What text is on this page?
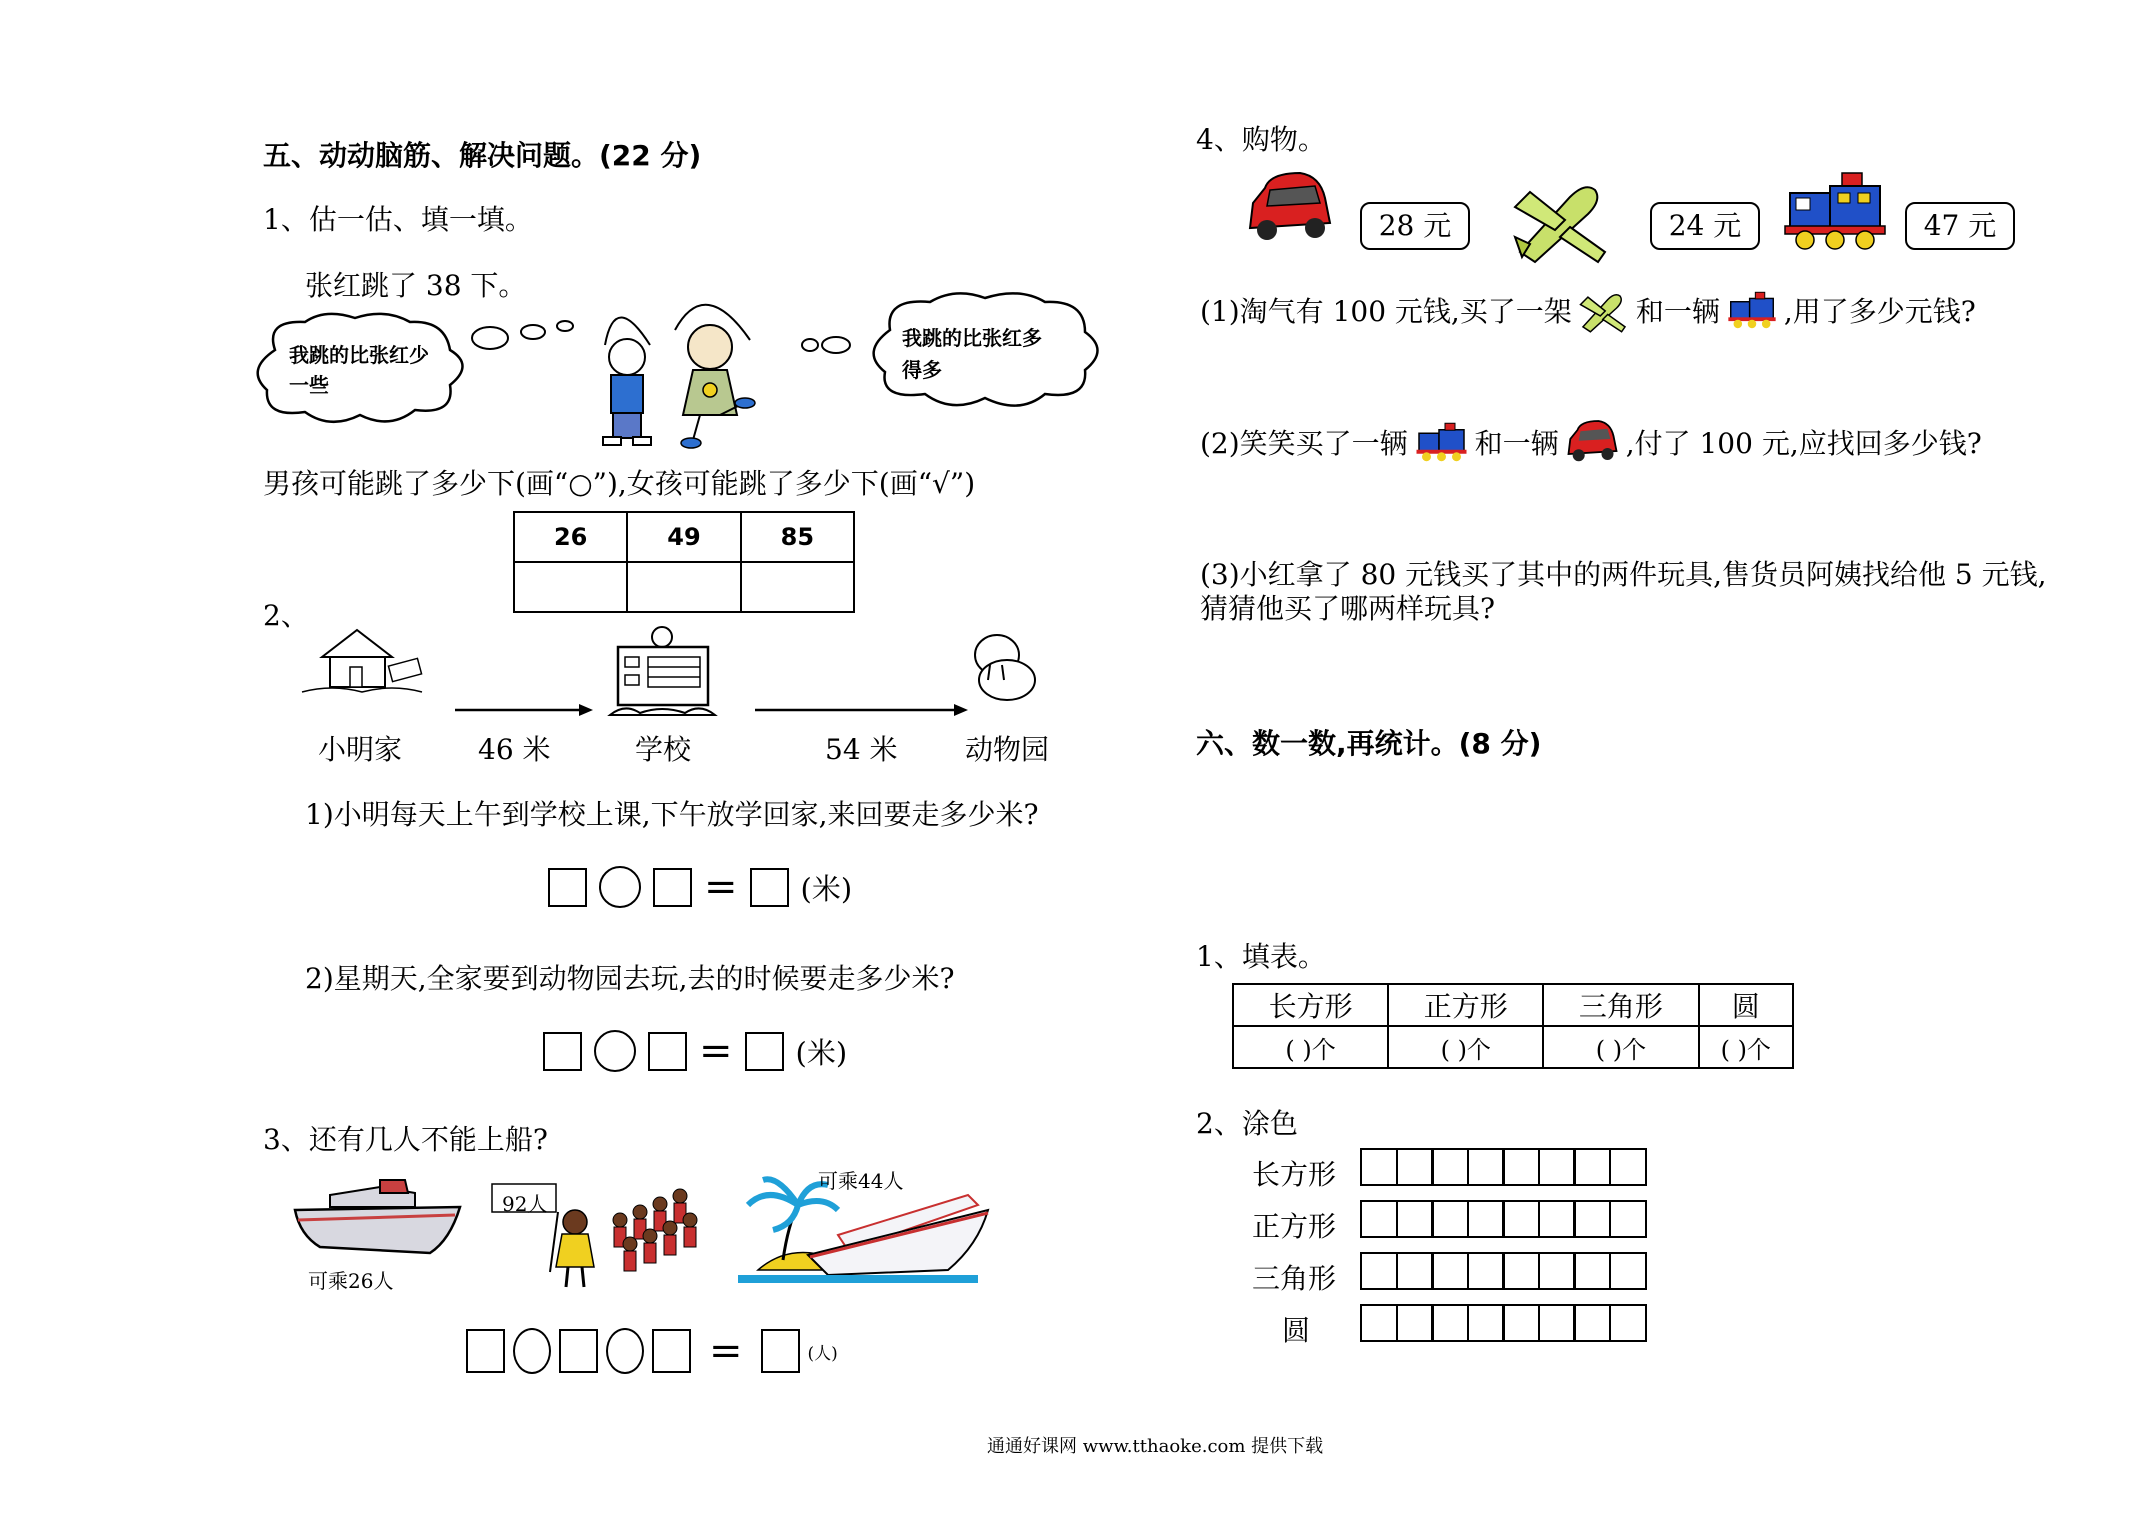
五、动动脑筋、解决问题。(22 分)
1、估一估、填一填。
张红跳了 38 下。
我跳的比张红少一些
我跳的比张红多得多
男孩可能跳了多少下(画“○”),女孩可能跳了多少下(画“√”)
26	49	85

2、
小明家	46 米	学校	54 米 动物园
1)小明每天上午到学校上课,下午放学回家,来回要走多少米?
= (米)
2)星期天,全家要到动物园去玩,去的时候要走多少米?
= (米)
3、还有几人不能上船?
可乘26人
92人
可乘44人
=	(人)
4、购物。
28 元	24 元	47 元
(1)淘气有 100 元钱,买了一架 和一辆 ,用了多少元钱?
(2)笑笑买了一辆 和一辆 ,付了 100 元,应找回多少钱?
(3)小红拿了 80 元钱买了其中的两件玩具,售货员阿姨找给他 5 元钱,
猜猜他买了哪两样玩具?
六、数一数,再统计。(8 分)
1、填表。
长方形	正方形	三角形	圆
( )个	( )个	( )个	( )个
2、涂色
长方形
正方形
三角形
圆
通通好课网 www.tthaoke.com 提供下载
